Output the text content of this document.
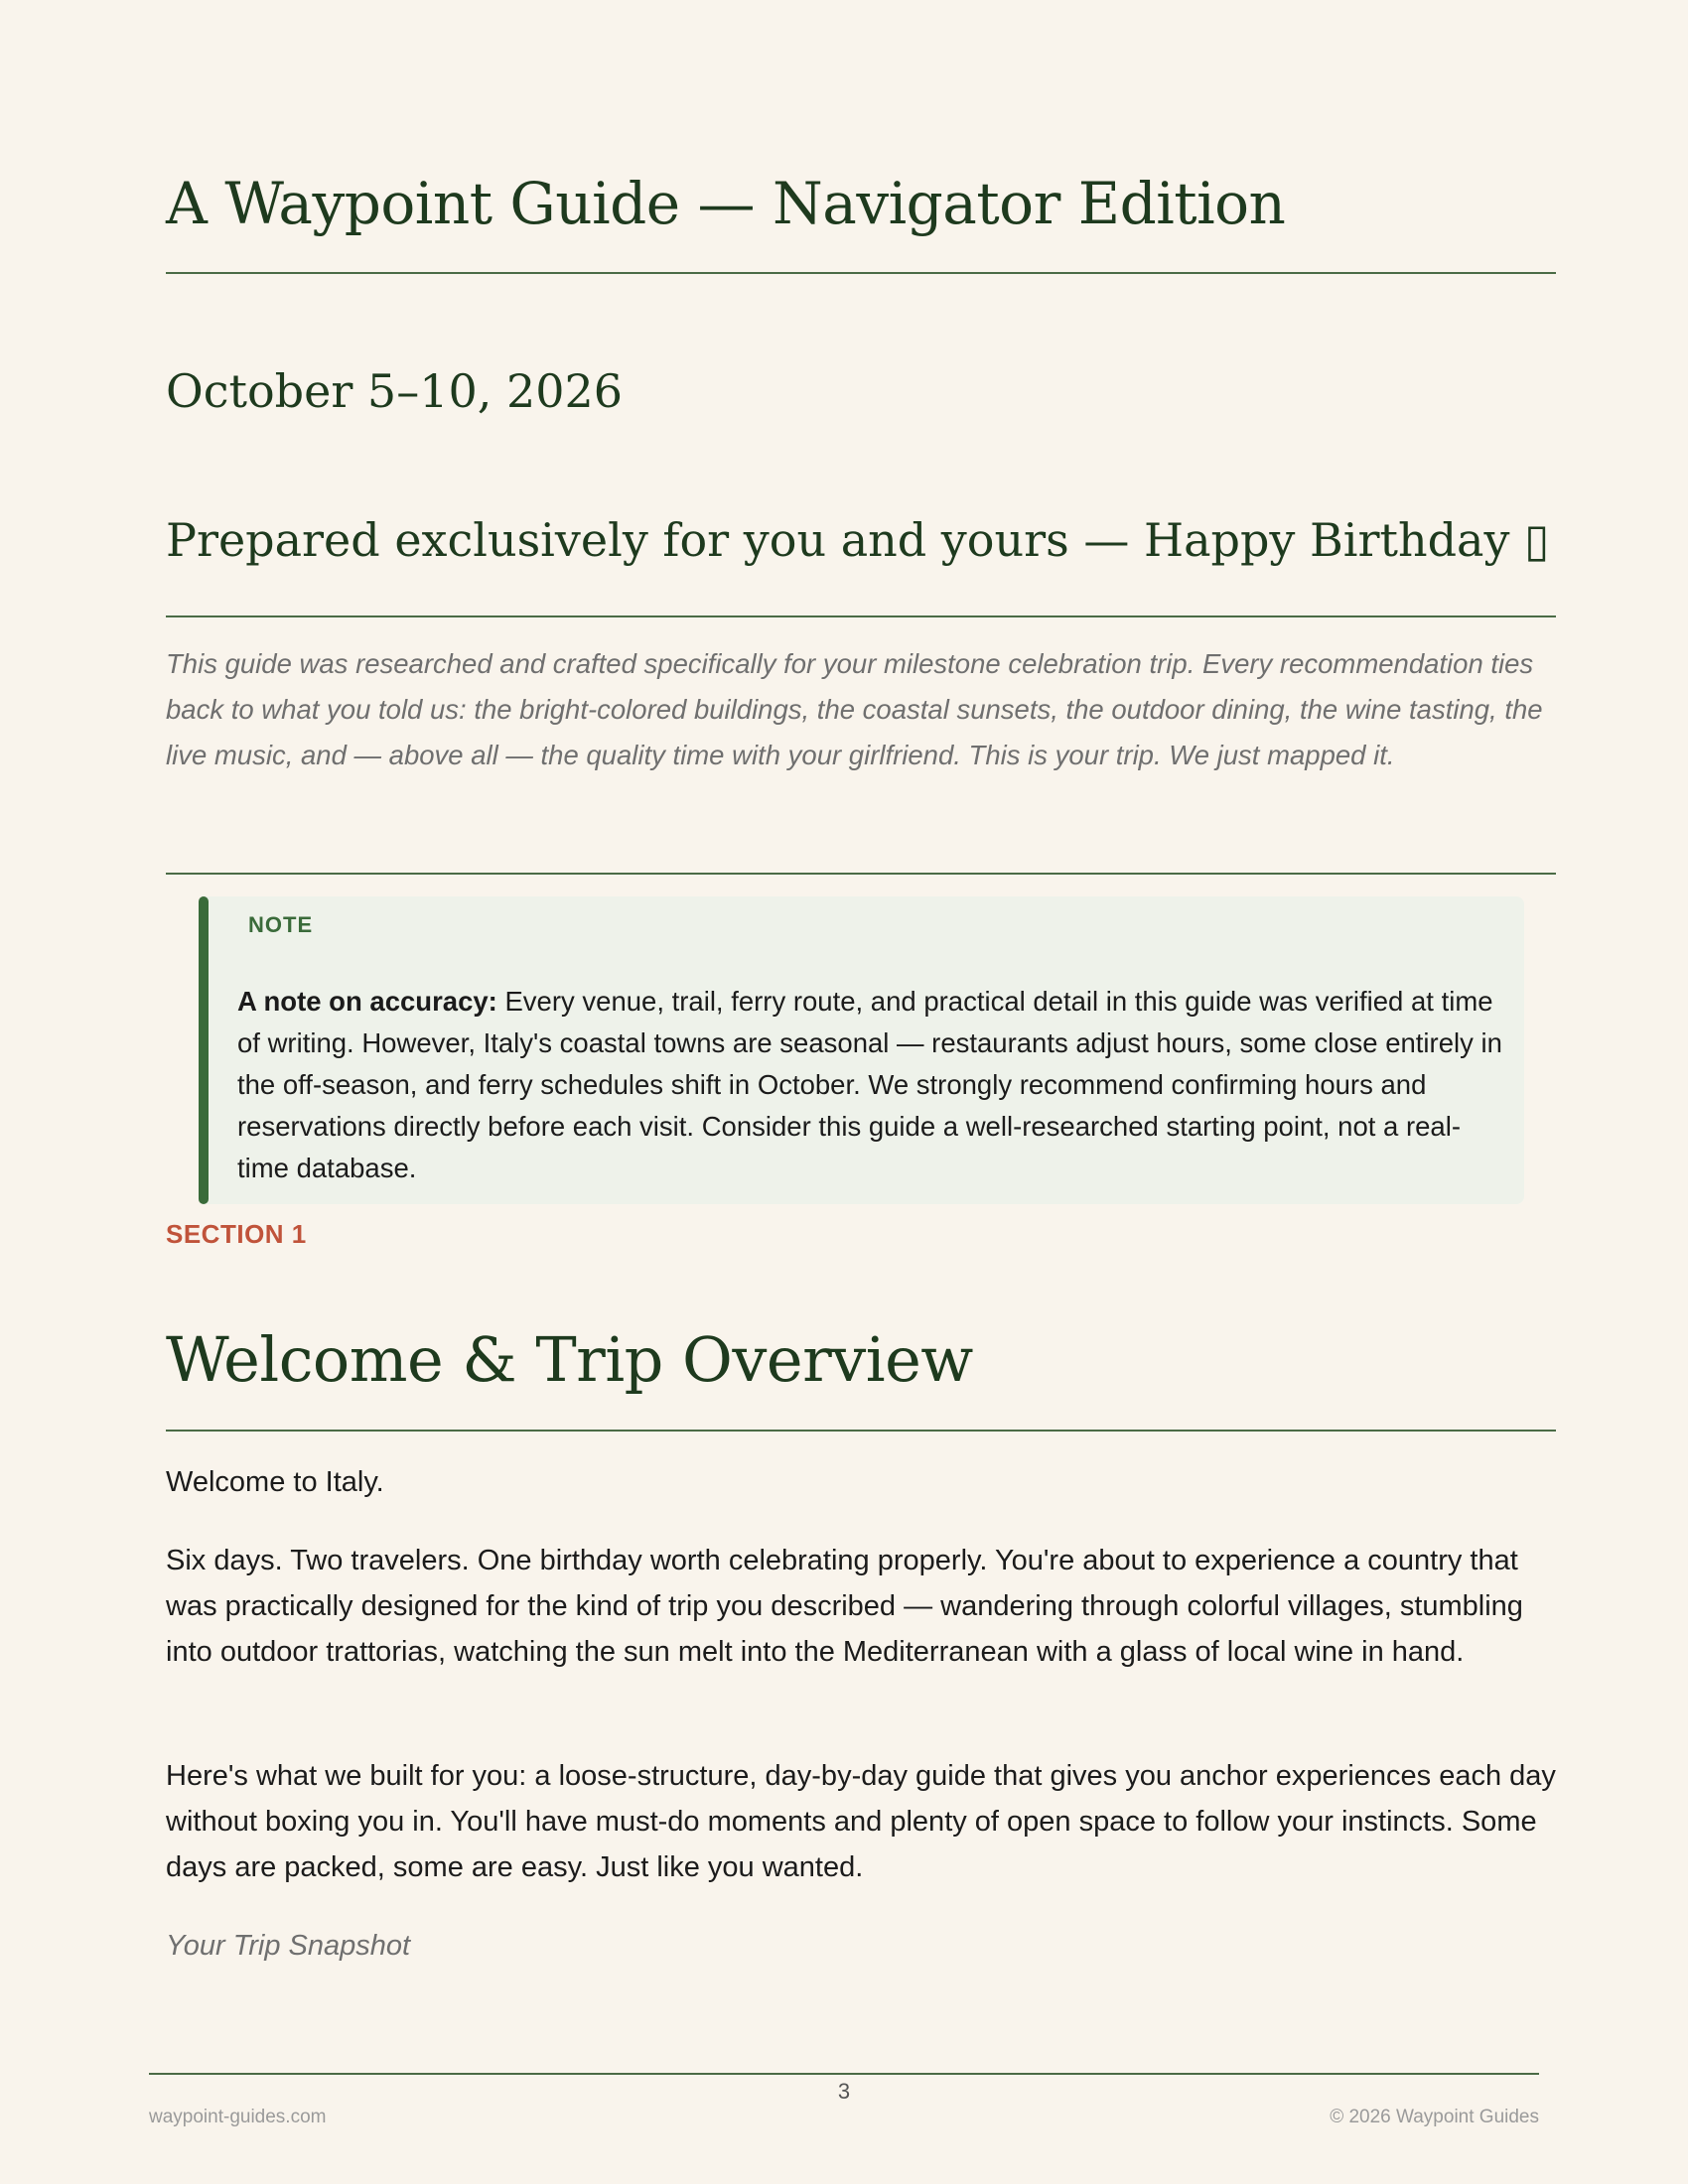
A Waypoint Guide — Navigator Edition
October 5–10, 2026
Prepared exclusively for you and yours — Happy Birthday ▯

This guide was researched and crafted specifically for your milestone celebration trip. Every recommendation ties back to what you told us: the bright-colored buildings, the coastal sunsets, the outdoor dining, the wine tasting, the live music, and — above all — the quality time with your girlfriend. This is your trip. We just mapped it.

NOTE

A note on accuracy: Every venue, trail, ferry route, and practical detail in this guide was verified at time of writing. However, Italy's coastal towns are seasonal — restaurants adjust hours, some close entirely in the off-season, and ferry schedules shift in October. We strongly recommend confirming hours and reservations directly before each visit. Consider this guide a well-researched starting point, not a real-time database.

SECTION 1
Welcome & Trip Overview

Welcome to Italy.

Six days. Two travelers. One birthday worth celebrating properly. You're about to experience a country that was practically designed for the kind of trip you described — wandering through colorful villages, stumbling into outdoor trattorias, watching the sun melt into the Mediterranean with a glass of local wine in hand.

Here's what we built for you: a loose-structure, day-by-day guide that gives you anchor experiences each day without boxing you in. You'll have must-do moments and plenty of open space to follow your instincts. Some days are packed, some are easy. Just like you wanted.

Your Trip Snapshot

3
waypoint-guides.com	© 2026 Waypoint Guides
